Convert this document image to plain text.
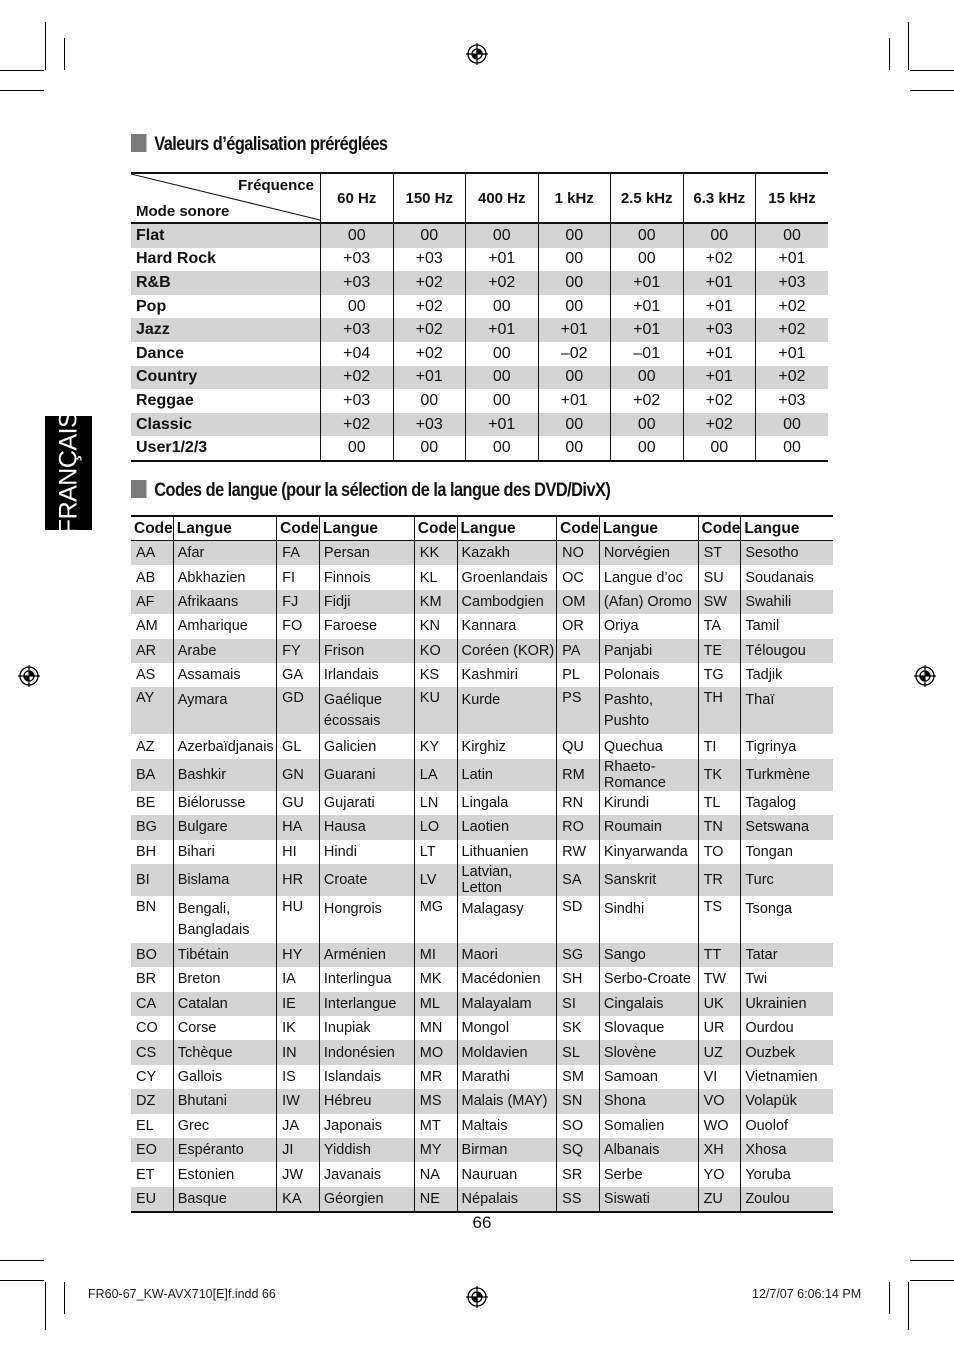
FRANÇAIS
Valeurs d’égalisation préréglées
Fréquence
Mode sonore	60 Hz	150 Hz	400 Hz	1 kHz	2.5 kHz	6.3 kHz	15 kHz
Flat	00	00	00	00	00	00	00
Hard Rock	+03	+03	+01	00	00	+02	+01
R&B	+03	+02	+02	00	+01	+01	+03
Pop	00	+02	00	00	+01	+01	+02
Jazz	+03	+02	+01	+01	+01	+03	+02
Dance	+04	+02	00	–02	–01	+01	+01
Country	+02	+01	00	00	00	+01	+02
Reggae	+03	00	00	+01	+02	+02	+03
Classic	+02	+03	+01	00	00	+02	00
User1/2/3	00	00	00	00	00	00	00
Codes de langue (pour la sélection de la langue des DVD/DivX)
Code	Langue	Code	Langue	Code	Langue	Code	Langue	Code	Langue
AA	Afar	FA	Persan	KK	Kazakh	NO	Norvégien	ST	Sesotho
AB	Abkhazien	FI	Finnois	KL	Groenlandais	OC	Langue d’oc	SU	Soudanais
AF	Afrikaans	FJ	Fidji	KM	Cambodgien	OM	(Afan) Oromo	SW	Swahili
AM	Amharique	FO	Faroese	KN	Kannara	OR	Oriya	TA	Tamil
AR	Arabe	FY	Frison	KO	Coréen (KOR)	PA	Panjabi	TE	Télougou
AS	Assamais	GA	Irlandais	KS	Kashmiri	PL	Polonais	TG	Tadjik
AY	Aymara	GD	Gaélique écossais	KU	Kurde	PS	Pashto, Pushto	TH	Thaï
AZ	Azerbaïdjanais	GL	Galicien	KY	Kirghiz	QU	Quechua	TI	Tigrinya
BA	Bashkir	GN	Guarani	LA	Latin	RM	Rhaeto-Romance	TK	Turkmène
BE	Biélorusse	GU	Gujarati	LN	Lingala	RN	Kirundi	TL	Tagalog
BG	Bulgare	HA	Hausa	LO	Laotien	RO	Roumain	TN	Setswana
BH	Bihari	HI	Hindi	LT	Lithuanien	RW	Kinyarwanda	TO	Tongan
BI	Bislama	HR	Croate	LV	Latvian, Letton	SA	Sanskrit	TR	Turc
BN	Bengali, Bangladais	HU	Hongrois	MG	Malagasy	SD	Sindhi	TS	Tsonga
BO	Tibétain	HY	Arménien	MI	Maori	SG	Sango	TT	Tatar
BR	Breton	IA	Interlingua	MK	Macédonien	SH	Serbo-Croate	TW	Twi
CA	Catalan	IE	Interlangue	ML	Malayalam	SI	Cingalais	UK	Ukrainien
CO	Corse	IK	Inupiak	MN	Mongol	SK	Slovaque	UR	Ourdou
CS	Tchèque	IN	Indonésien	MO	Moldavien	SL	Slovène	UZ	Ouzbek
CY	Gallois	IS	Islandais	MR	Marathi	SM	Samoan	VI	Vietnamien
DZ	Bhutani	IW	Hébreu	MS	Malais (MAY)	SN	Shona	VO	Volapük
EL	Grec	JA	Japonais	MT	Maltais	SO	Somalien	WO	Ouolof
EO	Espéranto	JI	Yiddish	MY	Birman	SQ	Albanais	XH	Xhosa
ET	Estonien	JW	Javanais	NA	Nauruan	SR	Serbe	YO	Yoruba
EU	Basque	KA	Géorgien	NE	Népalais	SS	Siswati	ZU	Zoulou
66
FR60-67_KW-AVX710[E]f.indd 66	12/7/07 6:06:14 PM
